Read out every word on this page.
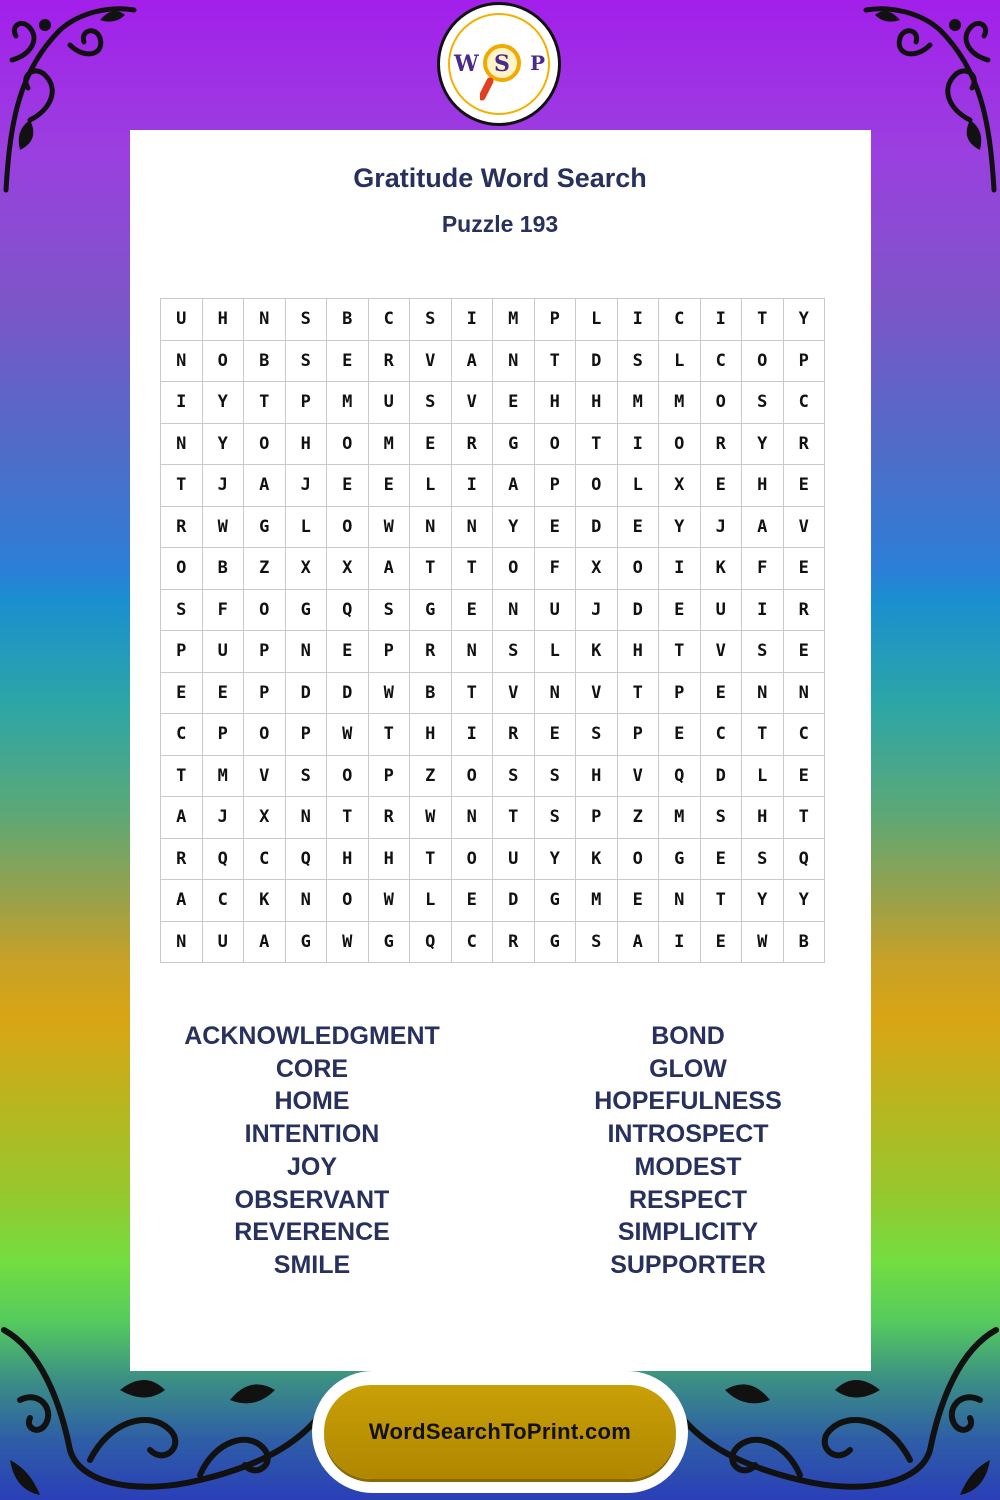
W S P
Gratitude Word Search
Puzzle 193
U	H	N	S	B	C	S	I	M	P	L	I	C	I	T	Y
N	O	B	S	E	R	V	A	N	T	D	S	L	C	O	P
I	Y	T	P	M	U	S	V	E	H	H	M	M	O	S	C
N	Y	O	H	O	M	E	R	G	O	T	I	O	R	Y	R
T	J	A	J	E	E	L	I	A	P	O	L	X	E	H	E
R	W	G	L	O	W	N	N	Y	E	D	E	Y	J	A	V
O	B	Z	X	X	A	T	T	O	F	X	O	I	K	F	E
S	F	O	G	Q	S	G	E	N	U	J	D	E	U	I	R
P	U	P	N	E	P	R	N	S	L	K	H	T	V	S	E
E	E	P	D	D	W	B	T	V	N	V	T	P	E	N	N
C	P	O	P	W	T	H	I	R	E	S	P	E	C	T	C
T	M	V	S	O	P	Z	O	S	S	H	V	Q	D	L	E
A	J	X	N	T	R	W	N	T	S	P	Z	M	S	H	T
R	Q	C	Q	H	H	T	O	U	Y	K	O	G	E	S	Q
A	C	K	N	O	W	L	E	D	G	M	E	N	T	Y	Y
N	U	A	G	W	G	Q	C	R	G	S	A	I	E	W	B
ACKNOWLEDGMENT
CORE
HOME
INTENTION
JOY
OBSERVANT
REVERENCE
SMILE
BOND
GLOW
HOPEFULNESS
INTROSPECT
MODEST
RESPECT
SIMPLICITY
SUPPORTER
WordSearchToPrint.com
